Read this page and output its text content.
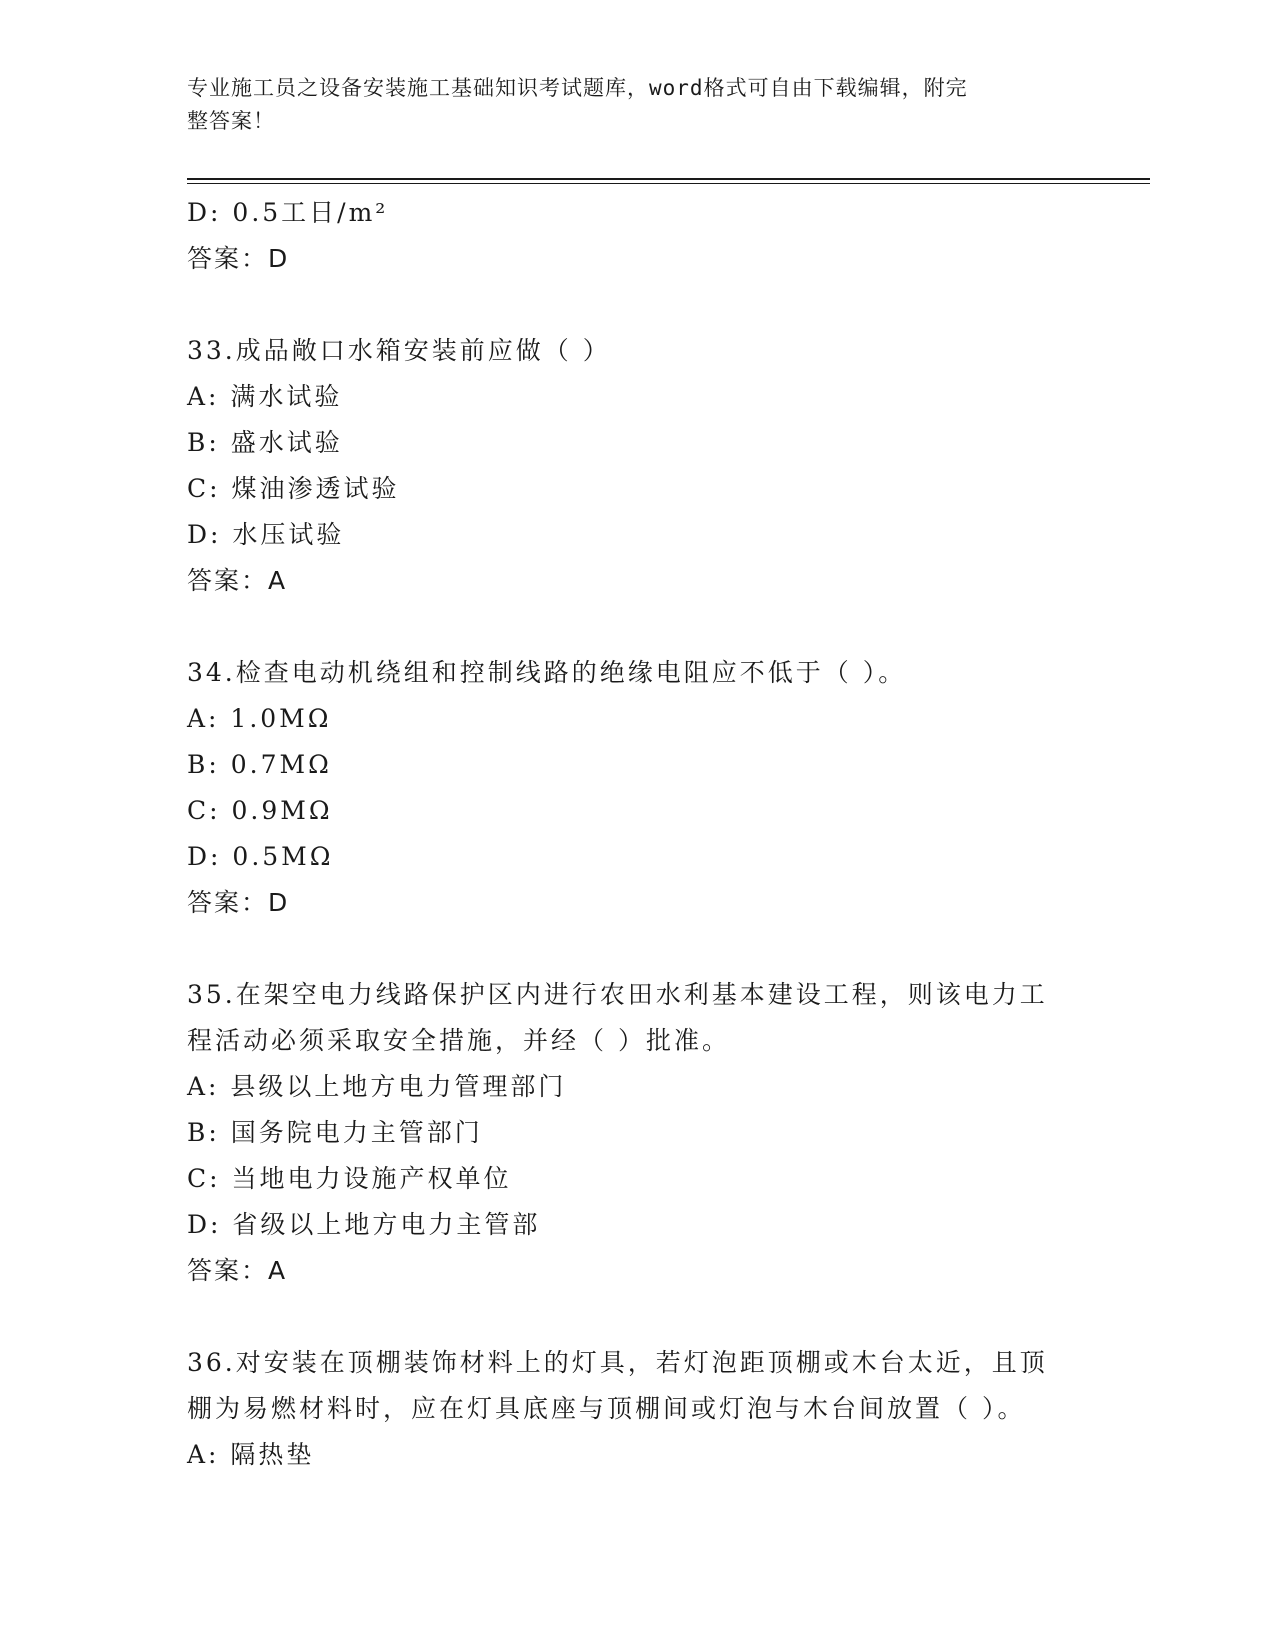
专业施工员之设备安装施工基础知识考试题库，word格式可自由下载编辑，附完
整答案！
D: 0.5工日/m²
答案：D
33.成品敞口水箱安装前应做（ ）
A: 满水试验
B: 盛水试验
C: 煤油渗透试验
D: 水压试验
答案：A
34.检查电动机绕组和控制线路的绝缘电阻应不低于（ ）。
A: 1.0MΩ
B: 0.7MΩ
C: 0.9MΩ
D: 0.5MΩ
答案：D
35.在架空电力线路保护区内进行农田水利基本建设工程，则该电力工
程活动必须采取安全措施，并经（ ）批准。
A: 县级以上地方电力管理部门
B: 国务院电力主管部门
C: 当地电力设施产权单位
D: 省级以上地方电力主管部
答案：A
36.对安装在顶棚装饰材料上的灯具，若灯泡距顶棚或木台太近，且顶
棚为易燃材料时，应在灯具底座与顶棚间或灯泡与木台间放置（ ）。
A: 隔热垫
